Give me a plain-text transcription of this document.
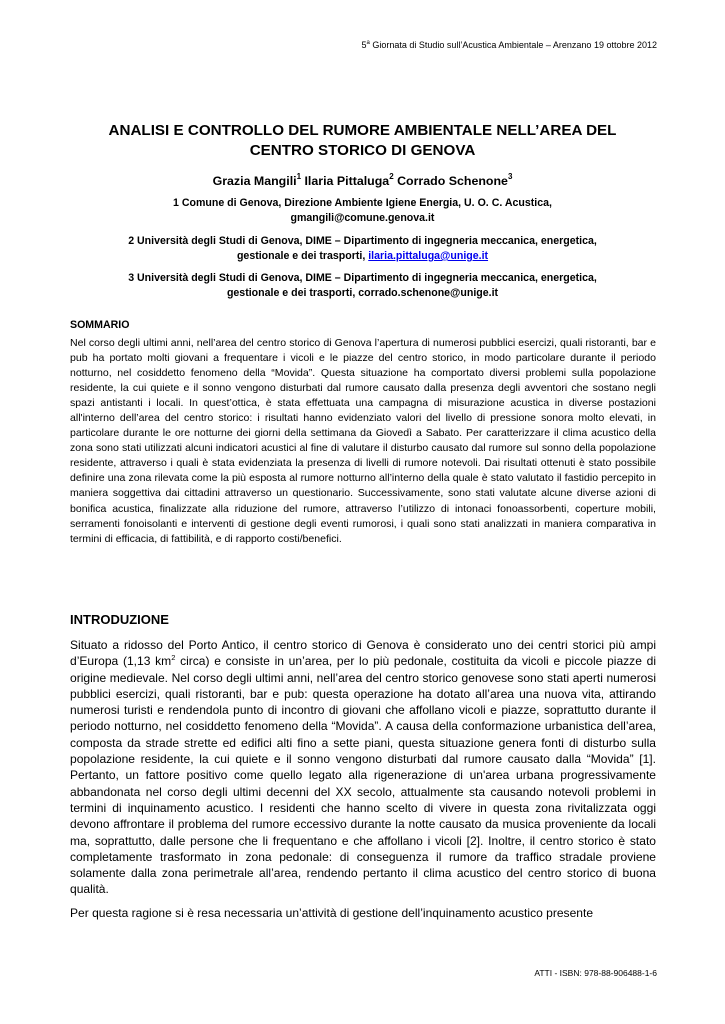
5$^a$ Giornata di Studio sull’Acustica Ambientale – Arenzano 19 ottobre 2012
ANALISI E CONTROLLO DEL RUMORE AMBIENTALE NELL’AREA DEL
CENTRO STORICO DI GENOVA
Grazia Mangili$^1$ Ilaria Pittaluga$^2$ Corrado Schenone$^3$
1 Comune di Genova, Direzione Ambiente Igiene Energia, U. O. C. Acustica,
gmangili@comune.genova.it
2 Università degli Studi di Genova, DIME – Dipartimento di ingegneria meccanica, energetica,
gestionale e dei trasporti, ilaria.pittaluga@unige.it
3 Università degli Studi di Genova, DIME – Dipartimento di ingegneria meccanica, energetica,
gestionale e dei trasporti, corrado.schenone@unige.it
SOMMARIO
Nel corso degli ultimi anni, nell’area del centro storico di Genova l’apertura di numerosi pubblici esercizi, quali ristoranti, bar e pub ha portato molti giovani a frequentare i vicoli e le piazze del centro storico, in modo particolare durante il periodo notturno, nel cosiddetto fenomeno della “Movida”. Questa situazione ha comportato diversi problemi sulla popolazione residente, la cui quiete e il sonno vengono disturbati dal rumore causato dalla presenza degli avventori che sostano negli spazi antistanti i locali. In quest’ottica, è stata effettuata una campagna di misurazione acustica in diverse postazioni all'interno dell’area del centro storico: i risultati hanno evidenziato valori del livello di pressione sonora molto elevati, in particolare durante le ore notturne dei giorni della settimana da Giovedì a Sabato. Per caratterizzare il clima acustico della zona sono stati utilizzati alcuni indicatori acustici al fine di valutare il disturbo causato dal rumore sul sonno della popolazione residente, attraverso i quali è stata evidenziata la presenza di livelli di rumore notevoli. Dai risultati ottenuti è stato possibile definire una zona rilevata come la più esposta al rumore notturno all’interno della quale è stato valutato il fastidio percepito in maniera soggettiva dai cittadini attraverso un questionario. Successivamente, sono stati valutate alcune diverse azioni di bonifica acustica, finalizzate alla riduzione del rumore, attraverso l’utilizzo di intonaci fonoassorbenti, coperture mobili, serramenti fonoisolanti e interventi di gestione degli eventi rumorosi, i quali sono stati analizzati in maniera comparativa in termini di efficacia, di fattibilità, e di rapporto costi/benefici.
INTRODUZIONE
Situato a ridosso del Porto Antico, il centro storico di Genova è considerato uno dei centri storici più ampi d’Europa (1,13 $km^2$ circa) e consiste in un’area, per lo più pedonale, costituita da vicoli e piccole piazze di origine medievale. Nel corso degli ultimi anni, nell’area del centro storico genovese sono stati aperti numerosi pubblici esercizi, quali ristoranti, bar e pub: questa operazione ha dotato all’area una nuova vita, attirando numerosi turisti e rendendola punto di incontro di giovani che affollano vicoli e piazze, soprattutto durante il periodo notturno, nel cosiddetto fenomeno della “Movida”. A causa della conformazione urbanistica dell’area, composta da strade strette ed edifici alti fino a sette piani, questa situazione genera fonti di disturbo sulla popolazione residente, la cui quiete e il sonno vengono disturbati dal rumore causato dalla “Movida” [1]. Pertanto, un fattore positivo come quello legato alla rigenerazione di un'area urbana progressivamente abbandonata nel corso degli ultimi decenni del XX secolo, attualmente sta causando notevoli problemi in termini di inquinamento acustico. I residenti che hanno scelto di vivere in questa zona rivitalizzata oggi devono affrontare il problema del rumore eccessivo durante la notte causato da musica proveniente da locali ma, soprattutto, dalle persone che li frequentano e che affollano i vicoli [2]. Inoltre, il centro storico è stato completamente trasformato in zona pedonale: di conseguenza il rumore da traffico stradale proviene solamente dalla zona perimetrale all’area, rendendo pertanto il clima acustico del centro storico di buona qualità.
Per questa ragione si è resa necessaria un’attività di gestione dell’inquinamento acustico presente
ATTI - ISBN: 978-88-906488-1-6
